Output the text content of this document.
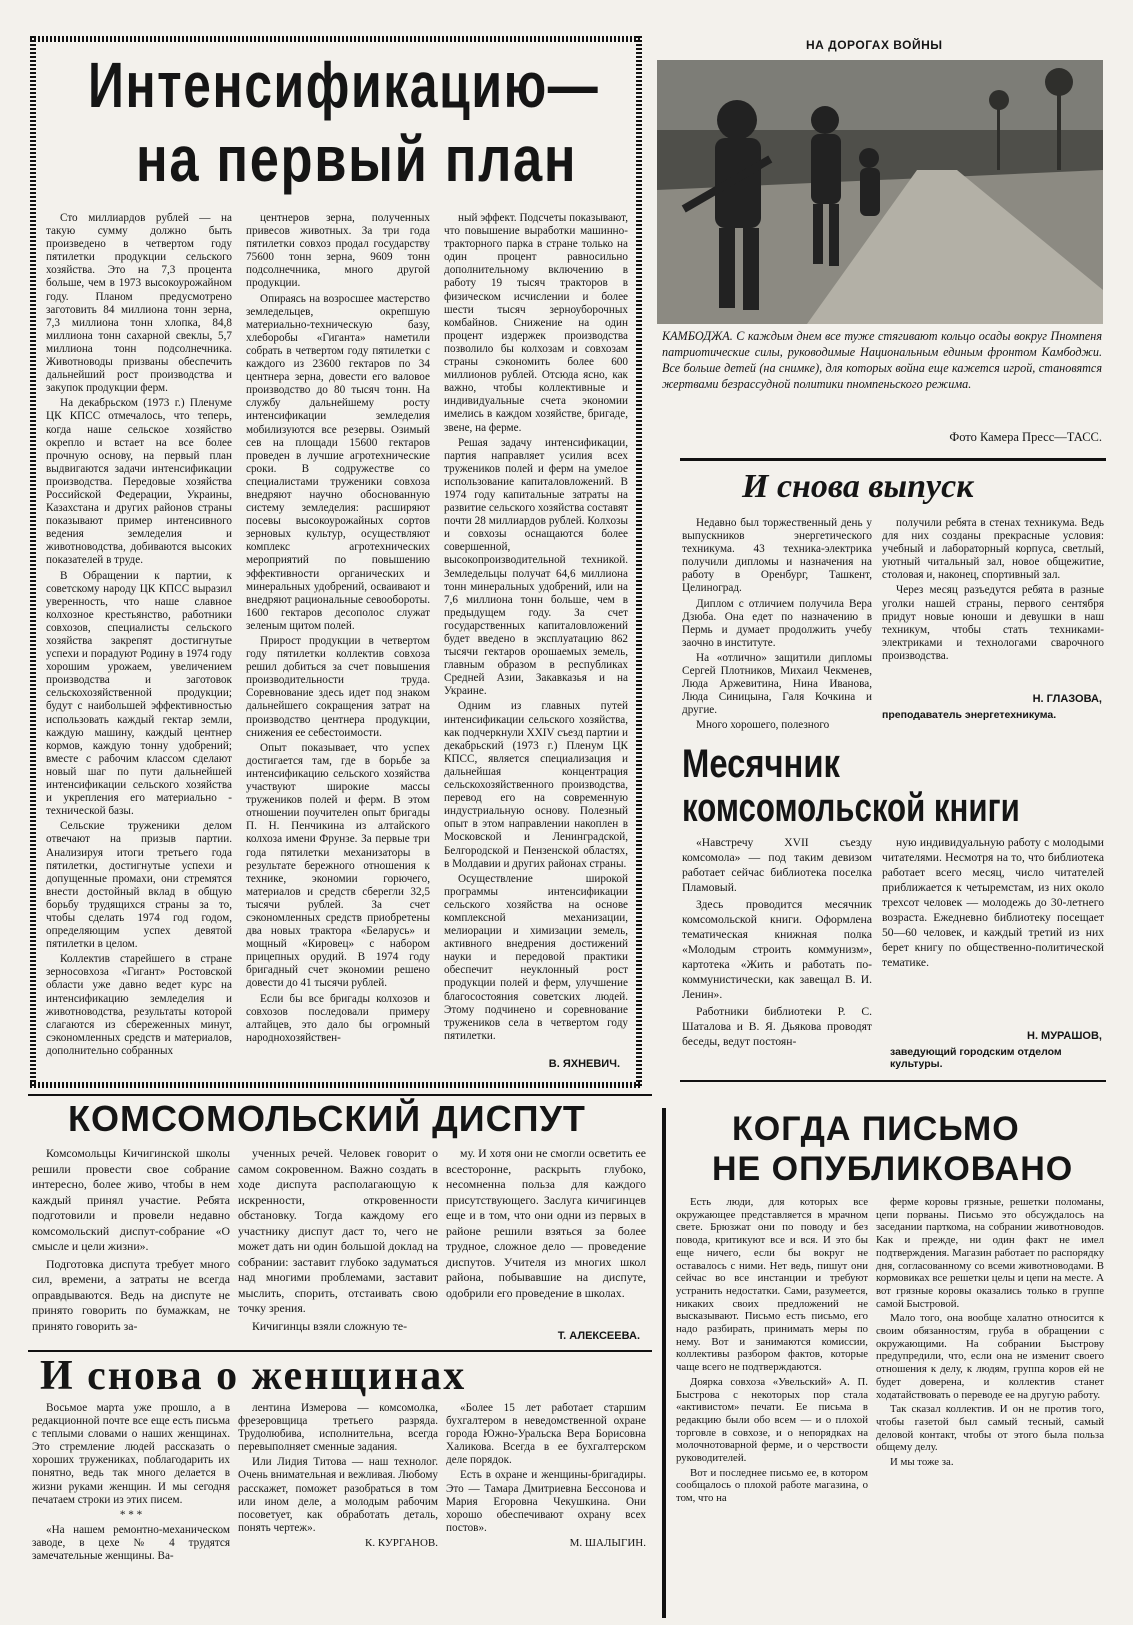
Интенсификацию—
на первый план

Сто миллиардов рублей — на такую сумму должно быть произведено в четвертом году пятилетки продукции сельского хозяйства. Это на 7,3 процента больше, чем в 1973 высокоурожайном году. Планом предусмотрено заготовить 84 миллиона тонн зерна, 7,3 миллиона тонн хлопка, 84,8 миллиона тонн сахарной свеклы, 5,7 миллиона тонн подсолнечника. Животноводы призваны обеспечить дальнейший рост производства и закупок продукции ферм.

На декабрьском (1973 г.) Пленуме ЦК КПСС отмечалось, что теперь, когда наше сельское хозяйство окрепло и встает на все более прочную основу, на первый план выдвигаются задачи интенсификации производства. Передовые хозяйства Российской Федерации, Украины, Казахстана и других районов страны показывают пример интенсивного ведения земледелия и животноводства, добиваются высоких показателей в труде.

В Обращении к партии, к советскому народу ЦК КПСС выразил уверенность, что наше славное колхозное крестьянство, работники совхозов, специалисты сельского хозяйства закрепят достигнутые успехи и порадуют Родину в 1974 году хорошим урожаем, увеличением производства и заготовок сельскохозяйственной продукции; будут с наибольшей эффективностью использовать каждый гектар земли, каждую машину, каждый центнер кормов, каждую тонну удобрений; вместе с рабочим классом сделают новый шаг по пути дальнейшей интенсификации сельского хозяйства и укрепления его материально - технической базы.

Сельские труженики делом отвечают на призыв партии. Анализируя итоги третьего года пятилетки, достигнутые успехи и допущенные промахи, они стремятся внести достойный вклад в общую борьбу трудящихся страны за то, чтобы сделать 1974 год годом, определяющим успех девятой пятилетки в целом.

Коллектив старейшего в стране зерносовхоза «Гигант» Ростовской области уже давно ведет курс на интенсификацию земледелия и животноводства, результаты которой слагаются из сбереженных минут, сэкономленных средств и материалов, дополнительно собранных

центнеров зерна, полученных привесов животных. За три года пятилетки совхоз продал государству 75600 тонн зерна, 9609 тонн подсолнечника, много другой продукции.

Опираясь на возросшее мастерство земледельцев, окрепшую материально-техническую базу, хлеборобы «Гиганта» наметили собрать в четвертом году пятилетки с каждого из 23600 гектаров по 34 центнера зерна, довести его валовое производство до 80 тысяч тонн. На службу дальнейшему росту интенсификации земледелия мобилизуются все резервы. Озимый сев на площади 15600 гектаров проведен в лучшие агротехнические сроки. В содружестве со специалистами труженики совхоза внедряют научно обоснованную систему земледелия: расширяют посевы высокоурожайных сортов зерновых культур, осуществляют комплекс агротехнических мероприятий по повышению эффективности органических и минеральных удобрений, осваивают и внедряют рациональные севообороты. 1600 гектаров десополос служат зеленым щитом полей.

Прирост продукции в четвертом году пятилетки коллектив совхоза решил добиться за счет повышения производительности труда. Соревнование здесь идет под знаком дальнейшего сокращения затрат на производство центнера продукции, снижения ее себестоимости.

Опыт показывает, что успех достигается там, где в борьбе за интенсификацию сельского хозяйства участвуют широкие массы тружеников полей и ферм. В этом отношении поучителен опыт бригады П. Н. Пенчикина из алтайского колхоза имени Фрунзе. За первые три года пятилетки механизаторы в результате бережного отношения к технике, экономии горючего, материалов и средств сберегли 32,5 тысячи рублей. За счет сэкономленных средств приобретены два новых трактора «Беларусь» и мощный «Кировец» с набором прицепных орудий. В 1974 году бригадный счет экономии решено довести до 41 тысячи рублей.

Если бы все бригады колхозов и совхозов последовали примеру алтайцев, это дало бы огромный народнохозяйствен-

ный эффект. Подсчеты показывают, что повышение выработки машинно-тракторного парка в стране только на один процент равносильно дополнительному включению в работу 19 тысяч тракторов в физическом исчислении и более шести тысяч зерноуборочных комбайнов. Снижение на один процент издержек производства позволило бы колхозам и совхозам страны сэкономить более 600 миллионов рублей. Отсюда ясно, как важно, чтобы коллективные и индивидуальные счета экономии имелись в каждом хозяйстве, бригаде, звене, на ферме.

Решая задачу интенсификации, партия направляет усилия всех тружеников полей и ферм на умелое использование капиталовложений. В 1974 году капитальные затраты на развитие сельского хозяйства составят почти 28 миллиардов рублей. Колхозы и совхозы оснащаются более совершенной, высокопроизводительной техникой. Земледельцы получат 64,6 миллиона тонн минеральных удобрений, или на 7,6 миллиона тонн больше, чем в предыдущем году. За счет государственных капиталовложений будет введено в эксплуатацию 862 тысячи гектаров орошаемых земель, главным образом в республиках Средней Азии, Закавказья и на Украине.

Одним из главных путей интенсификации сельского хозяйства, как подчеркнули XXIV съезд партии и декабрьский (1973 г.) Пленум ЦК КПСС, является специализация и дальнейшая концентрация сельскохозяйственного производства, перевод его на современную индустриальную основу. Полезный опыт в этом направлении накоплен в Московской и Ленинградской, Белгородской и Пензенской областях, в Молдавии и других районах страны.

Осуществление широкой программы интенсификации сельского хозяйства на основе комплексной механизации, мелиорации и химизации земель, активного внедрения достижений науки и передовой практики обеспечит неуклонный рост продукции полей и ферм, улучшение благосостояния советских людей. Этому подчинено и соревнование тружеников села в четвертом году пятилетки.

В. ЯХНЕВИЧ.
НА ДОРОГАХ ВОЙНЫ
КАМБОДЖА. С каждым днем все туже стягивают кольцо осады вокруг Пномпеня патриотические силы, руководимые Национальным единым фронтом Камбоджи. Все больше детей (на снимке), для которых война еще кажется игрой, становятся жертвами безрассудной политики пномпеньского режима.
Фото Камера Пресс—ТАСС.
И снова выпуск

Недавно был торжественный день у выпускников энергетического техникума. 43 техника-электрика получили дипломы и назначения на работу в Оренбург, Ташкент, Целиноград.

Диплом с отличием получила Вера Дзюба. Она едет по назначению в Пермь и думает продолжить учебу заочно в институте.

На «отлично» защитили дипломы Сергей Плотников, Михаил Чекменев, Люда Аржевитина, Нина Иванова, Люда Синицына, Галя Кочкина и другие.

Много хорошего, полезного

получили ребята в стенах техникума. Ведь для них созданы прекрасные условия: учебный и лабораторный корпуса, светлый, уютный читальный зал, новое общежитие, столовая и, наконец, спортивный зал.

Через месяц разъедутся ребята в разные уголки нашей страны, первого сентября придут новые юноши и девушки в наш техникум, чтобы стать техниками-электриками и технологами сварочного производства.

Н. ГЛАЗОВА,
преподаватель энергетехникума.
Месячник
комсомольской книги

«Навстречу XVII съезду комсомола» — под таким девизом работает сейчас библиотека поселка Пламовый.

Здесь проводится месячник комсомольской книги. Оформлена тематическая книжная полка «Молодым строить коммунизм», картотека «Жить и работать по-коммунистически, как завещал В. И. Ленин».

Работники библиотеки Р. С. Шаталова и В. Я. Дьякова проводят беседы, ведут постоян-

ную индивидуальную работу с молодыми читателями. Несмотря на то, что библиотека работает всего месяц, число читателей приближается к четыремстам, из них около трехсот человек — молодежь до 30-летнего возраста. Ежедневно библиотеку посещает 50—60 человек, и каждый третий из них берет книгу по общественно-политической тематике.

Н. МУРАШОВ,
заведующий городским отделом культуры.
КОМСОМОЛЬСКИЙ ДИСПУТ

Комсомольцы Кичигинской школы решили провести свое собрание интересно, более живо, чтобы в нем каждый принял участие. Ребята подготовили и провели недавно комсомольский диспут-собрание «О смысле и цели жизни».

Подготовка диспута требует много сил, времени, а затраты не всегда оправдываются. Ведь на диспуте не принято говорить по бумажкам, не принято говорить за-

ученных речей. Человек говорит о самом сокровенном. Важно создать в ходе диспута располагающую к искренности, откровенности обстановку. Тогда каждому его участнику диспут даст то, чего не может дать ни один большой доклад на собрании: заставит глубоко задуматься над многими проблемами, заставит мыслить, спорить, отстаивать свою точку зрения.

Кичигинцы взяли сложную те-

му. И хотя они не смогли осветить ее всесторонне, раскрыть глубоко, несомненна польза для каждого присутствующего. Заслуга кичигинцев еще и в том, что они одни из первых в районе решили взяться за более трудное, сложное дело — проведение диспутов. Учителя из многих школ района, побывавшие на диспуте, одобрили его проведение в школах.

Т. АЛЕКСЕЕВА.
И снова о женщинах

Восьмое марта уже прошло, а в редакционной почте все еще есть письма с теплыми словами о наших женщинах. Это стремление людей рассказать о хороших тружениках, поблагодарить их понятно, ведь так много делается в жизни руками женщин. И мы сегодня печатаем строки из этих писем.

* * *

«На нашем ремонтно-механическом заводе, в цехе № 4 трудятся замечательные женщины. Ва-

лентина Измерова — комсомолка, фрезеровщица третьего разряда. Трудолюбива, исполнительна, всегда перевыполняет сменные задания.

Или Лидия Титова — наш технолог. Очень внимательная и вежливая. Любому расскажет, поможет разобраться в том или ином деле, а молодым рабочим посоветует, как обработать деталь, понять чертеж».

К. КУРГАНОВ.

«Более 15 лет работает старшим бухгалтером в неведомственной охране города Южно-Уральска Вера Борисовна Халикова. Всегда в ее бухгалтерском деле порядок.

Есть в охране и женщины-бригадиры. Это — Тамара Дмитриевна Бессонова и Мария Егоровна Чекушкина. Они хорошо обеспечивают охрану всех постов».

М. ШАЛЫГИН.

КОГДА ПИСЬМО
НЕ ОПУБЛИКОВАНО

Есть люди, для которых все окружающее представляется в мрачном свете. Брюзжат они по поводу и без повода, критикуют все и вся. И это бы еще ничего, если бы вокруг не оставалось с ними. Нет ведь, пишут они сейчас во все инстанции и требуют устранить недостатки. Сами, разумеется, никаких своих предложений не высказывают. Письмо есть письмо, его надо разбирать, принимать меры по нему. Вот и занимаются комиссии, коллективы разбором фактов, которые чаще всего не подтверждаются.

Доярка совхоза «Увельский» А. П. Быстрова с некоторых пор стала «активистом» печати. Ее письма в редакцию были обо всем — и о плохой торговле в совхозе, и о непорядках на молочнотоварной ферме, и о черствости руководителей.

Вот и последнее письмо ее, в котором сообщалось о плохой работе магазина, о том, что на

ферме коровы грязные, решетки поломаны, цепи порваны. Письмо это обсуждалось на заседании парткома, на собрании животноводов. Как и прежде, ни один факт не имел подтверждения. Магазин работает по распорядку дня, согласованному со всеми животноводами. В кормовиках все решетки целы и цепи на месте. А вот грязные коровы оказались только в группе самой Быстровой.

Мало того, она вообще халатно относится к своим обязанностям, груба в обращении с окружающими. На собрании Быстрову предупредили, что, если она не изменит своего отношения к делу, к людям, группа коров ей не будет доверена, и коллектив станет ходатайствовать о переводе ее на другую работу.

Так сказал коллектив. И он не против того, чтобы газетой был самый тесный, самый деловой контакт, чтобы от этого была польза общему делу.

И мы тоже за.
